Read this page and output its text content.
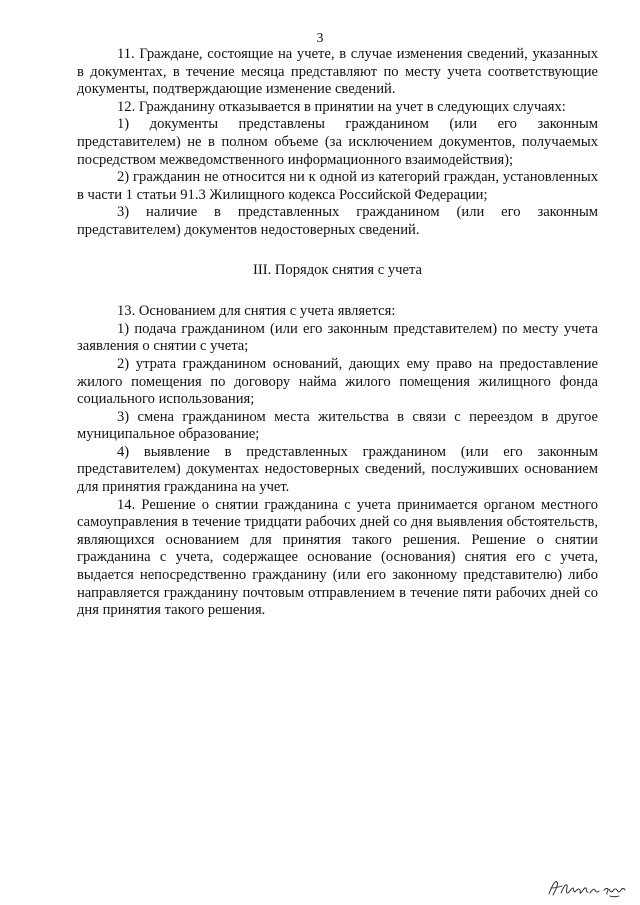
3

11. Граждане, состоящие на учете, в случае изменения сведений, указанных в документах, в течение месяца представляют по месту учета соответствующие документы, подтверждающие изменение сведений.

12. Гражданину отказывается в принятии на учет в следующих случаях:

1) документы представлены гражданином (или его законным представителем) не в полном объеме (за исключением документов, получаемых посредством межведомственного информационного взаимодействия);

2) гражданин не относится ни к одной из категорий граждан, установленных в части 1 статьи 91.3 Жилищного кодекса Российской Федерации;

3) наличие в представленных гражданином (или его законным представителем) документов недостоверных сведений.

III. Порядок снятия с учета

13. Основанием для снятия с учета является:

1) подача гражданином (или его законным представителем) по месту учета заявления о снятии с учета;

2) утрата гражданином оснований, дающих ему право на предоставление жилого помещения по договору найма жилого помещения жилищного фонда социального использования;

3) смена гражданином места жительства в связи с переездом в другое муниципальное образование;

4) выявление в представленных гражданином (или его законным представителем) документах недостоверных сведений, послуживших основанием для принятия гражданина на учет.

14. Решение о снятии гражданина с учета принимается органом местного самоуправления в течение тридцати рабочих дней со дня выявления обстоятельств, являющихся основанием для принятия такого решения. Решение о снятии гражданина с учета, содержащее основание (основания) снятия его с учета, выдается непосредственно гражданину (или его законному представителю) либо направляется гражданину почтовым отправлением в течение пяти рабочих дней со дня принятия такого решения.
